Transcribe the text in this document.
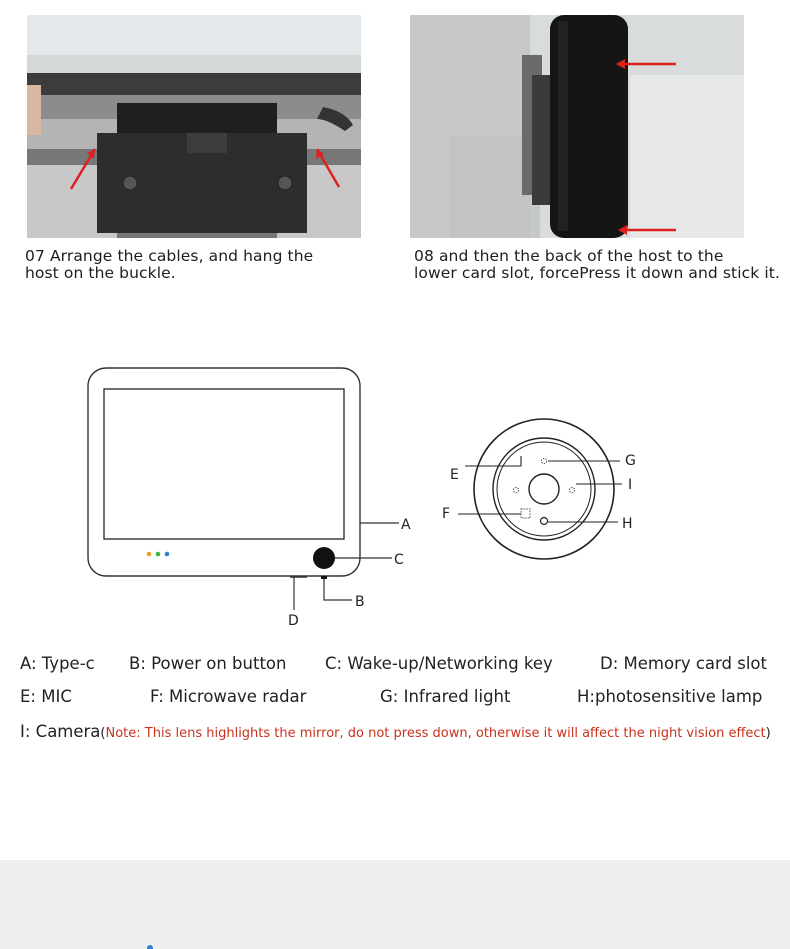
07 Arrange the cables, and hang the
host on the buckle.
08 and then the back of the host to the
lower card slot, forcePress it down and stick it.
A
C
B
D
E
F
G
I
H
A: Type-c B: Power on button C: Wake-up/Networking key	D: Memory card slot
E: MIC	F: Microwave radar	G: Infrared light	H:photosensitive lamp
I: Camera(Note: This lens highlights the mirror, do not press down, otherwise it will affect the night vision effect)
